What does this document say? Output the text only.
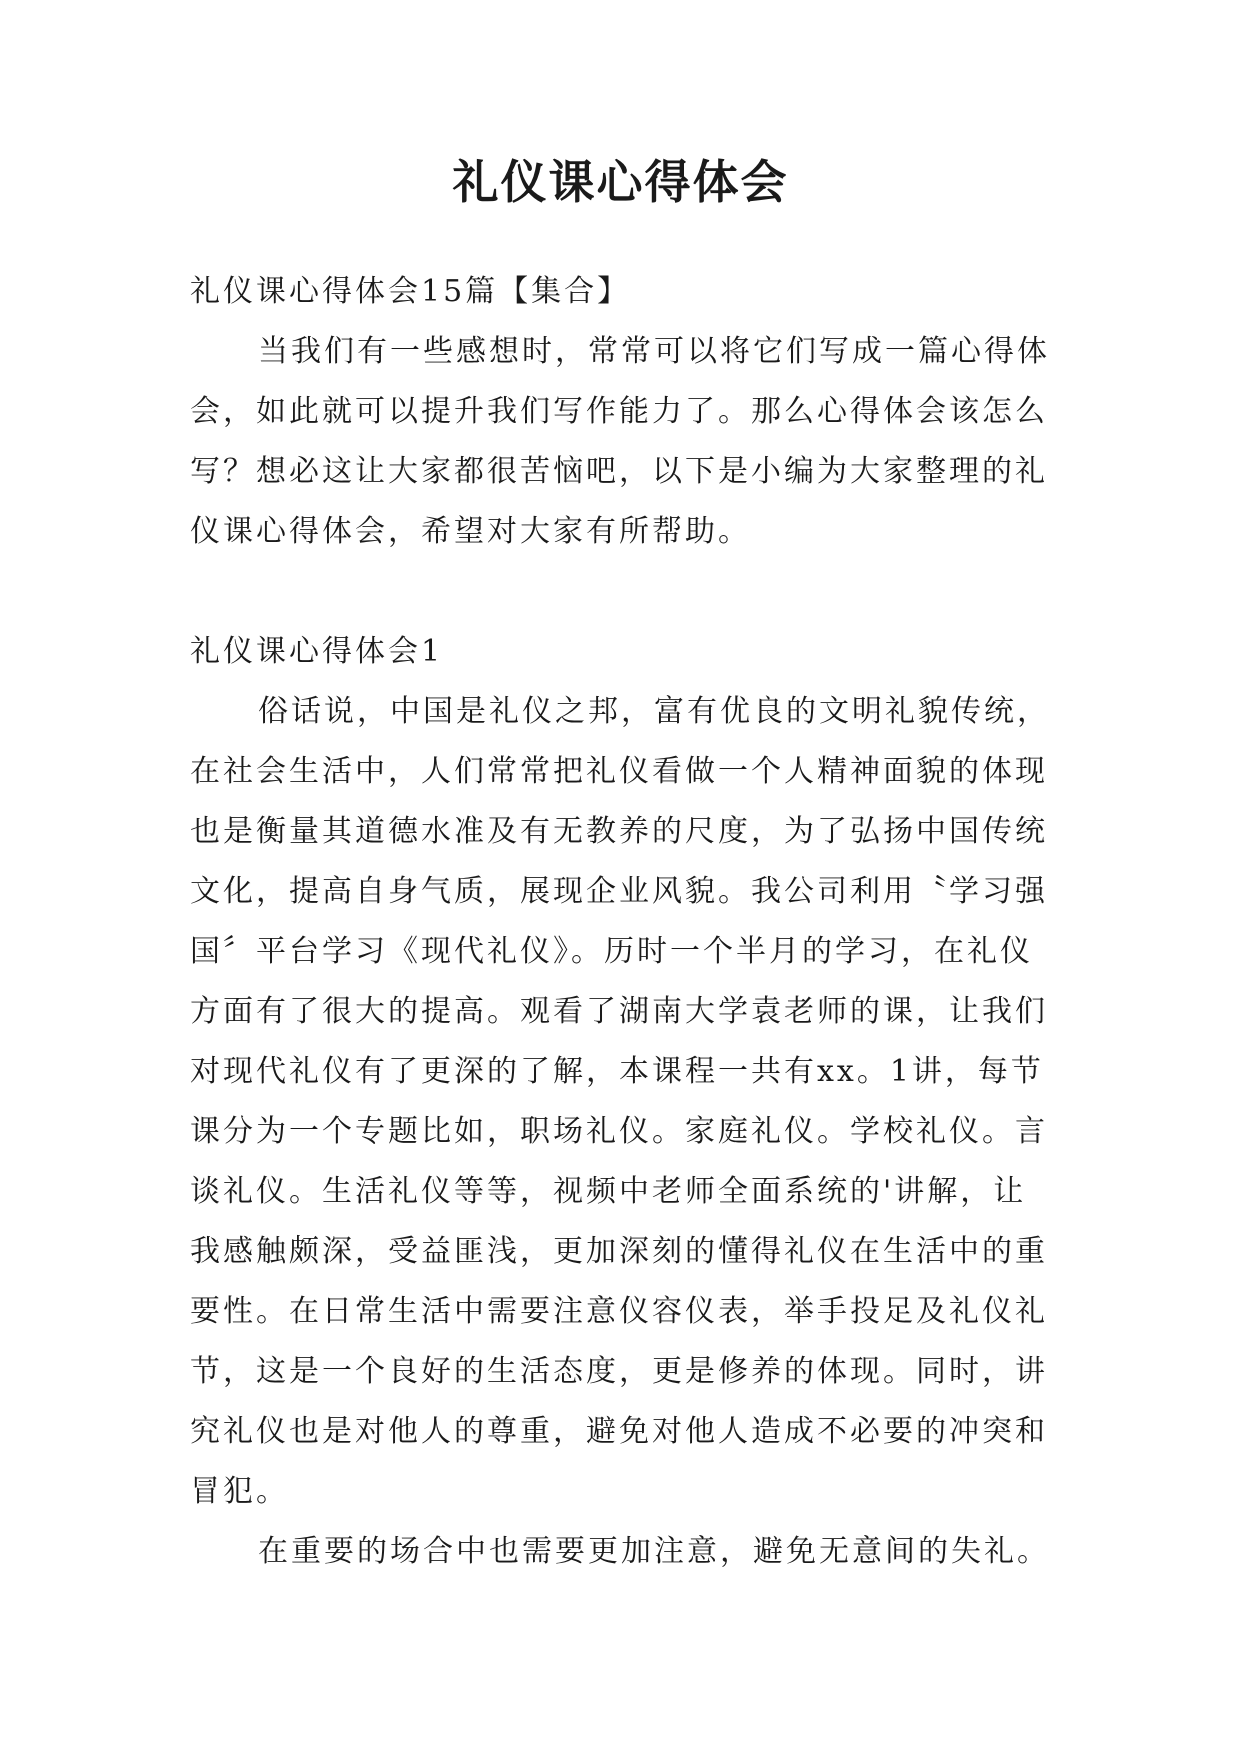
礼仪课心得体会
礼仪课心得体会15篇【集合】
当我们有一些感想时，常常可以将它们写成一篇心得体
会，如此就可以提升我们写作能力了。那么心得体会该怎么
写？想必这让大家都很苦恼吧，以下是小编为大家整理的礼
仪课心得体会，希望对大家有所帮助。
礼仪课心得体会1
俗话说，中国是礼仪之邦，富有优良的文明礼貌传统，
在社会生活中，人们常常把礼仪看做一个人精神面貌的体现
也是衡量其道德水准及有无教养的尺度，为了弘扬中国传统
文化，提高自身气质，展现企业风貌。我公司利用〝学习强
国〞平台学习《现代礼仪》。历时一个半月的学习，在礼仪
方面有了很大的提高。观看了湖南大学袁老师的课，让我们
对现代礼仪有了更深的了解，本课程一共有xx。1讲，每节
课分为一个专题比如，职场礼仪。家庭礼仪。学校礼仪。言
谈礼仪。生活礼仪等等，视频中老师全面系统的'讲解，让
我感触颇深，受益匪浅，更加深刻的懂得礼仪在生活中的重
要性。在日常生活中需要注意仪容仪表，举手投足及礼仪礼
节，这是一个良好的生活态度，更是修养的体现。同时，讲
究礼仪也是对他人的尊重，避免对他人造成不必要的冲突和
冒犯。
在重要的场合中也需要更加注意，避免无意间的失礼。
